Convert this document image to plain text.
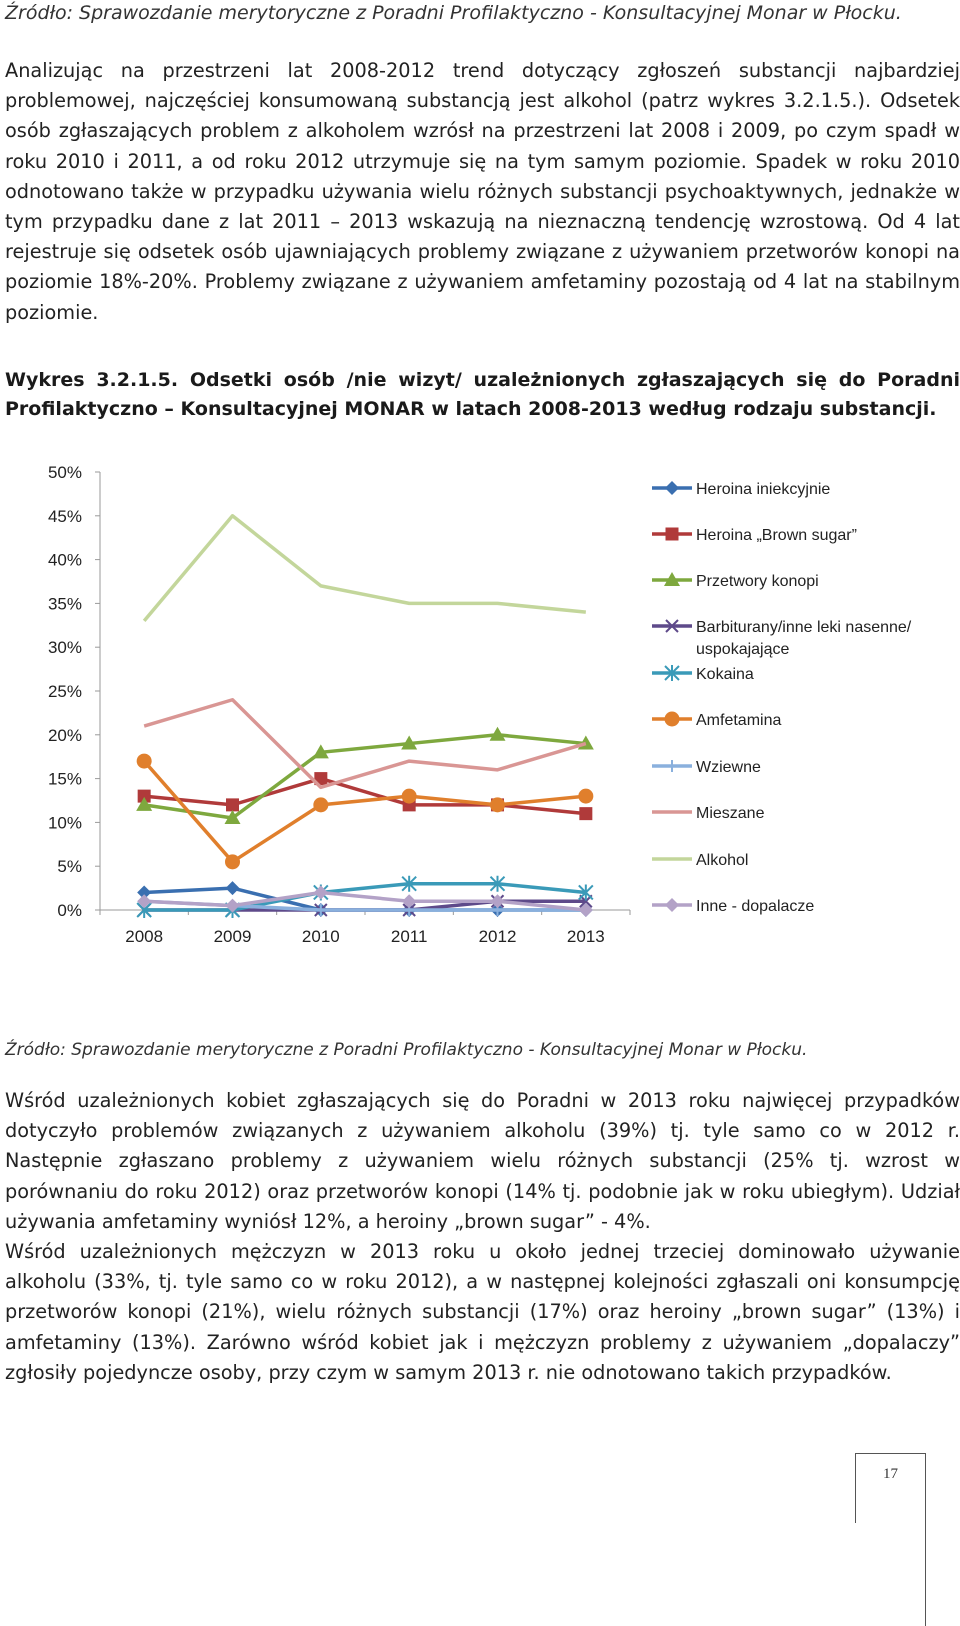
Źródło: Sprawozdanie merytoryczne z Poradni Profilaktyczno - Konsultacyjnej Monar w Płocku.

Analizując na przestrzeni lat 2008-2012 trend dotyczący zgłoszeń substancji najbardziej problemowej, najczęściej konsumowaną substancją jest alkohol (patrz wykres 3.2.1.5.). Odsetek osób zgłaszających problem z alkoholem wzrósł na przestrzeni lat 2008 i 2009, po czym spadł w roku 2010 i 2011, a od roku 2012 utrzymuje się na tym samym poziomie. Spadek w roku 2010 odnotowano także w przypadku używania wielu różnych substancji psychoaktywnych, jednakże w tym przypadku dane z lat 2011 – 2013 wskazują na nieznaczną tendencję wzrostową. Od 4 lat rejestruje się odsetek osób ujawniających problemy związane z używaniem przetworów konopi na poziomie 18%-20%. Problemy związane z używaniem amfetaminy pozostają od 4 lat na stabilnym poziomie.

Wykres 3.2.1.5. Odsetki osób /nie wizyt/ uzależnionych zgłaszających się do Poradni Profilaktyczno – Konsultacyjnej MONAR w latach 2008-2013 według rodzaju substancji.

0%
5%
10%
15%
20%
25%
30%
35%
40%
45%
50%
2008	2009	2010	2011	2012	2013
Heroina iniekcyjnie
Heroina „Brown sugar”
Przetwory konopi
Barbiturany/inne leki nasenne/ uspokajające
Kokaina
Amfetamina
Wziewne
Mieszane
Alkohol
Inne - dopalacze

Źródło: Sprawozdanie merytoryczne z Poradni Profilaktyczno - Konsultacyjnej Monar w Płocku.

Wśród uzależnionych kobiet zgłaszających się do Poradni w 2013 roku najwięcej przypadków dotyczyło problemów związanych z używaniem alkoholu (39%) tj. tyle samo co w 2012 r. Następnie zgłaszano problemy z używaniem wielu różnych substancji (25% tj. wzrost w porównaniu do roku 2012) oraz przetworów konopi (14% tj. podobnie jak w roku ubiegłym). Udział używania amfetaminy wyniósł 12%, a heroiny „brown sugar” - 4%.
Wśród uzależnionych mężczyzn w 2013 roku u około jednej trzeciej dominowało używanie alkoholu (33%, tj. tyle samo co w roku 2012), a w następnej kolejności zgłaszali oni konsumpcję przetworów konopi (21%), wielu różnych substancji (17%) oraz heroiny „brown sugar” (13%) i amfetaminy (13%). Zarówno wśród kobiet jak i mężczyzn problemy z używaniem „dopalaczy” zgłosiły pojedyncze osoby, przy czym w samym 2013 r. nie odnotowano takich przypadków.
17
